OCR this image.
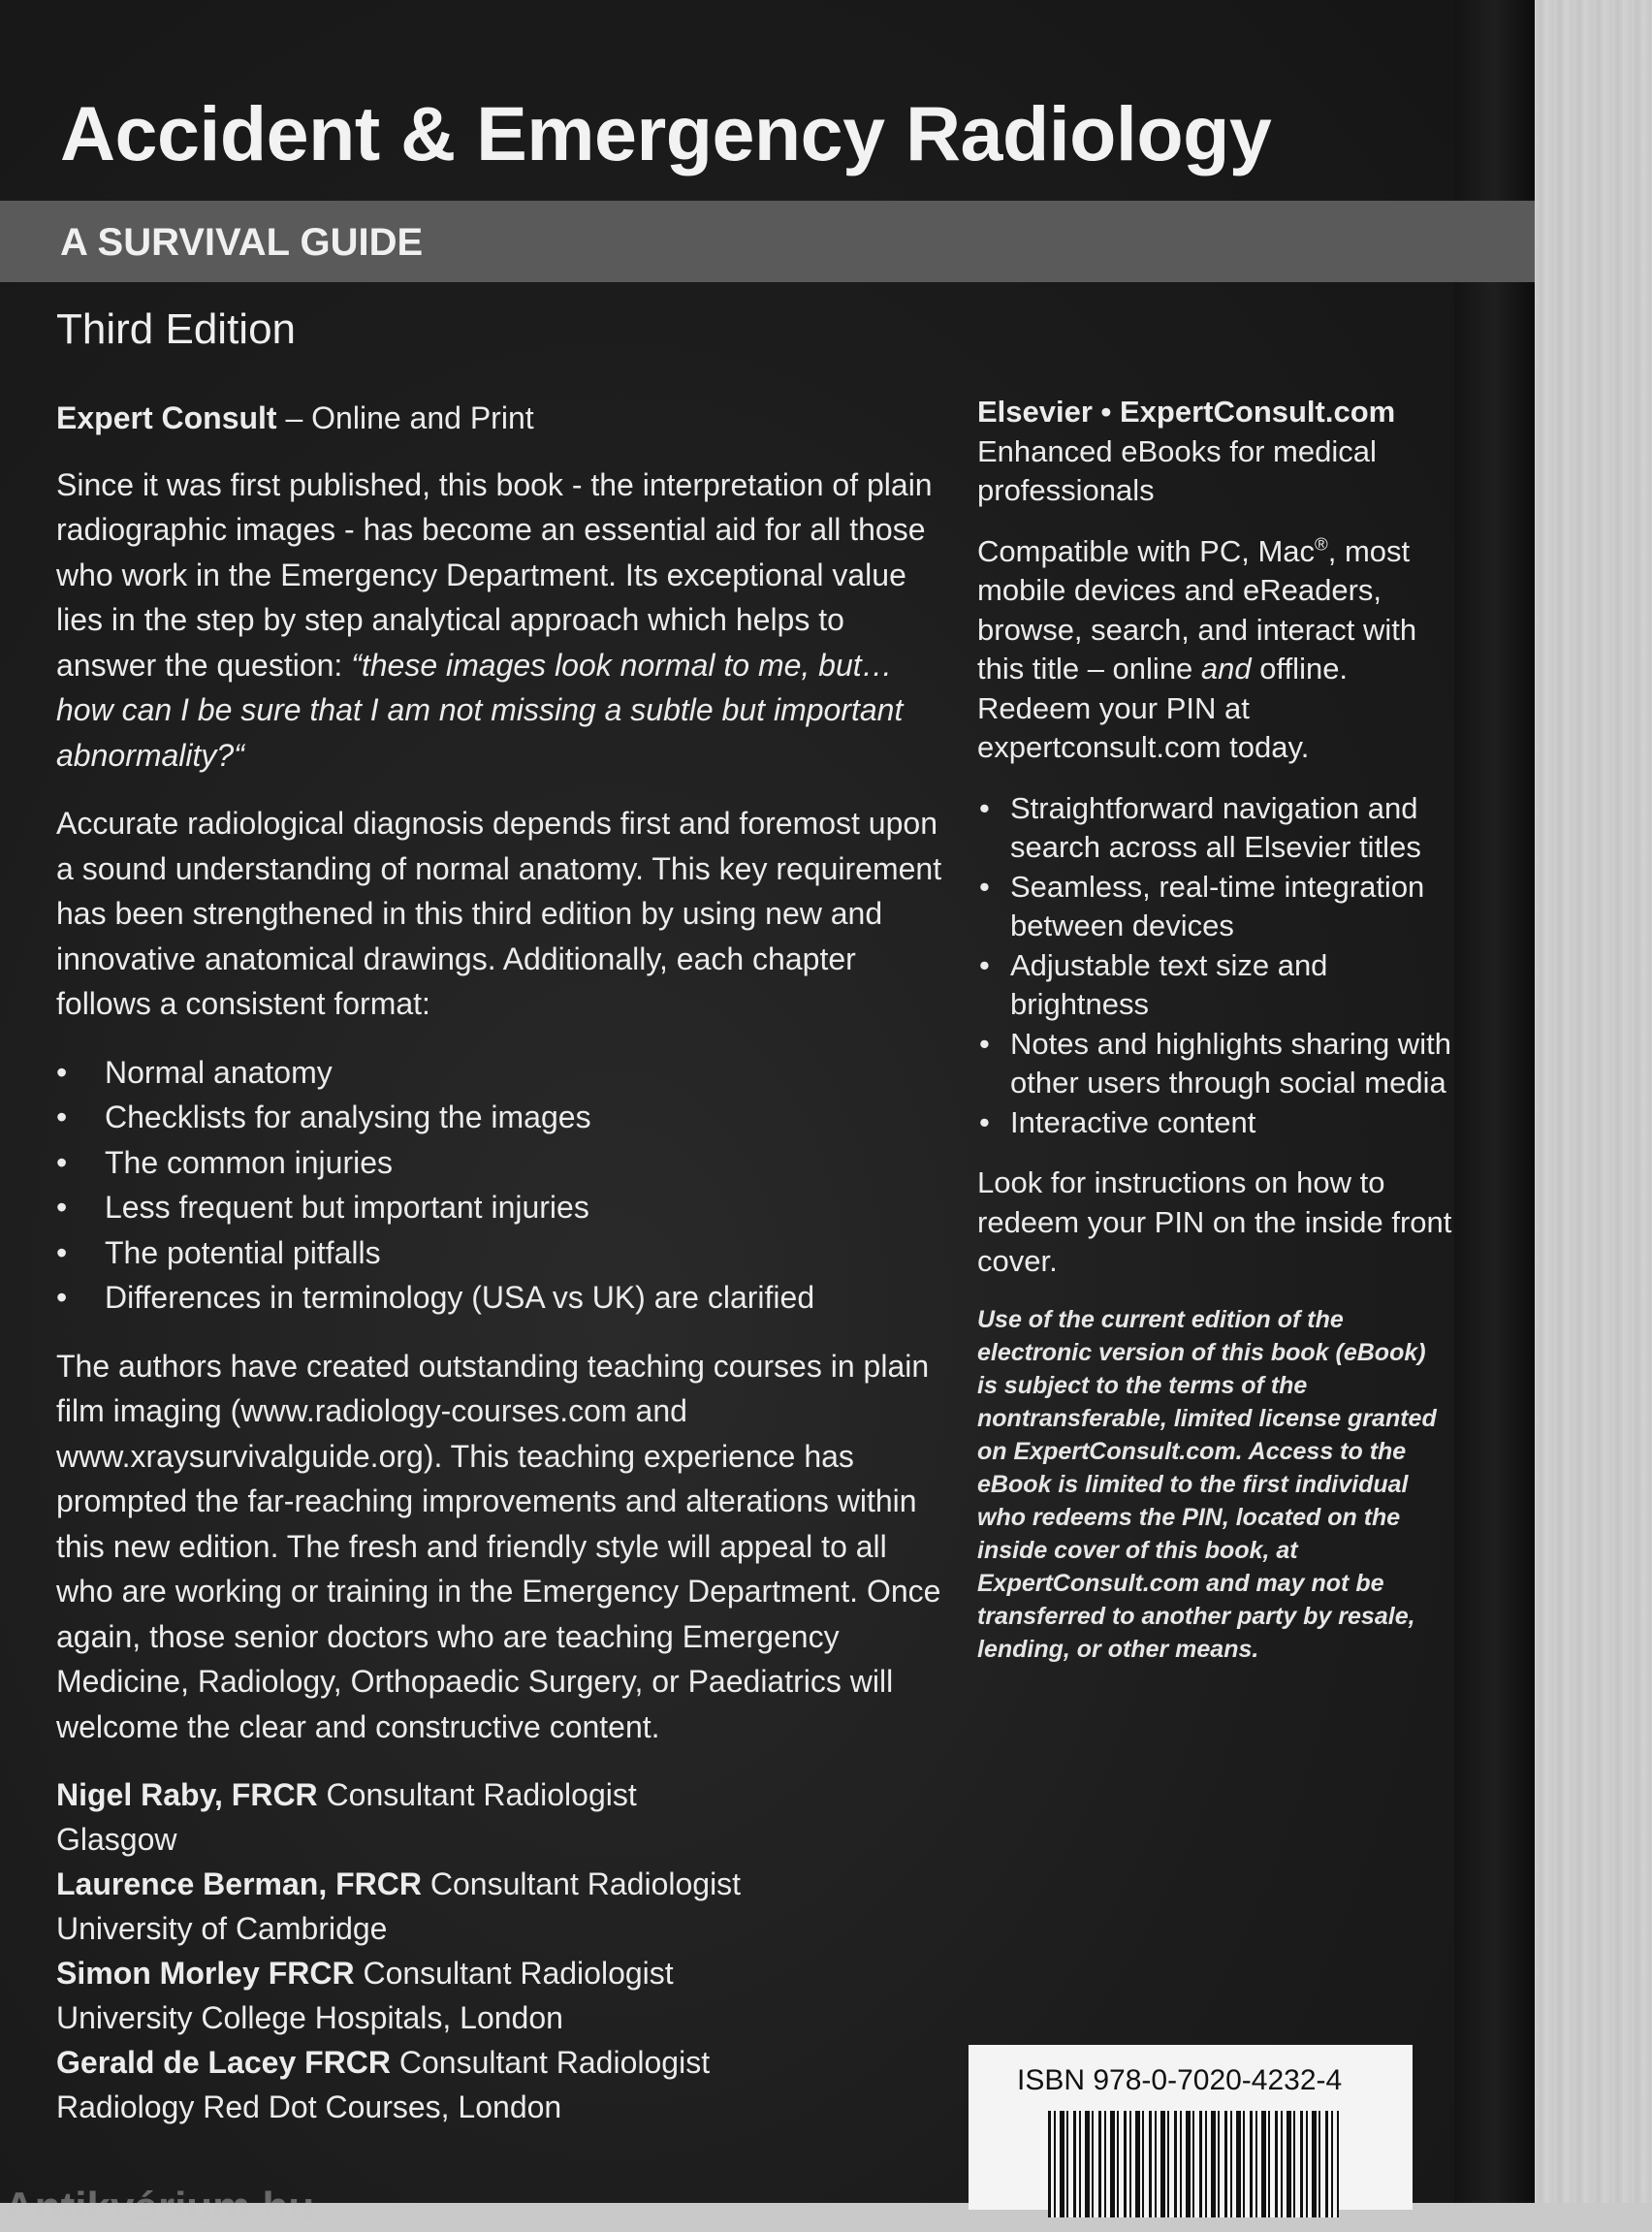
Accident & Emergency Radiology
A SURVIVAL GUIDE
Third Edition

Expert Consult – Online and Print

Since it was first published, this book - the interpretation of plain radiographic images - has become an essential aid for all those who work in the Emergency Department. Its exceptional value lies in the step by step analytical approach which helps to answer the question: “these images look normal to me, but… how can I be sure that I am not missing a subtle but important abnormality?“

Accurate radiological diagnosis depends first and foremost upon a sound understanding of normal anatomy. This key requirement has been strengthened in this third edition by using new and innovative anatomical drawings. Additionally, each chapter follows a consistent format:

• Normal anatomy
• Checklists for analysing the images
• The common injuries
• Less frequent but important injuries
• The potential pitfalls
• Differences in terminology (USA vs UK) are clarified

The authors have created outstanding teaching courses in plain film imaging (www.radiology-courses.com and www.xraysurvivalguide.org). This teaching experience has prompted the far-reaching improvements and alterations within this new edition. The fresh and friendly style will appeal to all who are working or training in the Emergency Department. Once again, those senior doctors who are teaching Emergency Medicine, Radiology, Orthopaedic Surgery, or Paediatrics will welcome the clear and constructive content.

Nigel Raby, FRCR Consultant Radiologist

Glasgow

Laurence Berman, FRCR Consultant Radiologist

University of Cambridge

Simon Morley FRCR Consultant Radiologist

University College Hospitals, London

Gerald de Lacey FRCR Consultant Radiologist

Radiology Red Dot Courses, London

Elsevier • ExpertConsult.com
Enhanced eBooks for medical professionals

Compatible with PC, Mac®, most mobile devices and eReaders, browse, search, and interact with this title – online and offline.
Redeem your PIN at expertconsult.com today.

• Straightforward navigation and search across all Elsevier titles
• Seamless, real-time integration between devices
• Adjustable text size and brightness
• Notes and highlights sharing with other users through social media
• Interactive content

Look for instructions on how to redeem your PIN on the inside front cover.

Use of the current edition of the electronic version of this book (eBook) is subject to the terms of the nontransferable, limited license granted on ExpertConsult.com. Access to the eBook is limited to the first individual who redeems the PIN, located on the inside cover of this book, at ExpertConsult.com and may not be transferred to another party by resale, lending, or other means.

ISBN 978-0-7020-4232-4
Antikvárium.hu
